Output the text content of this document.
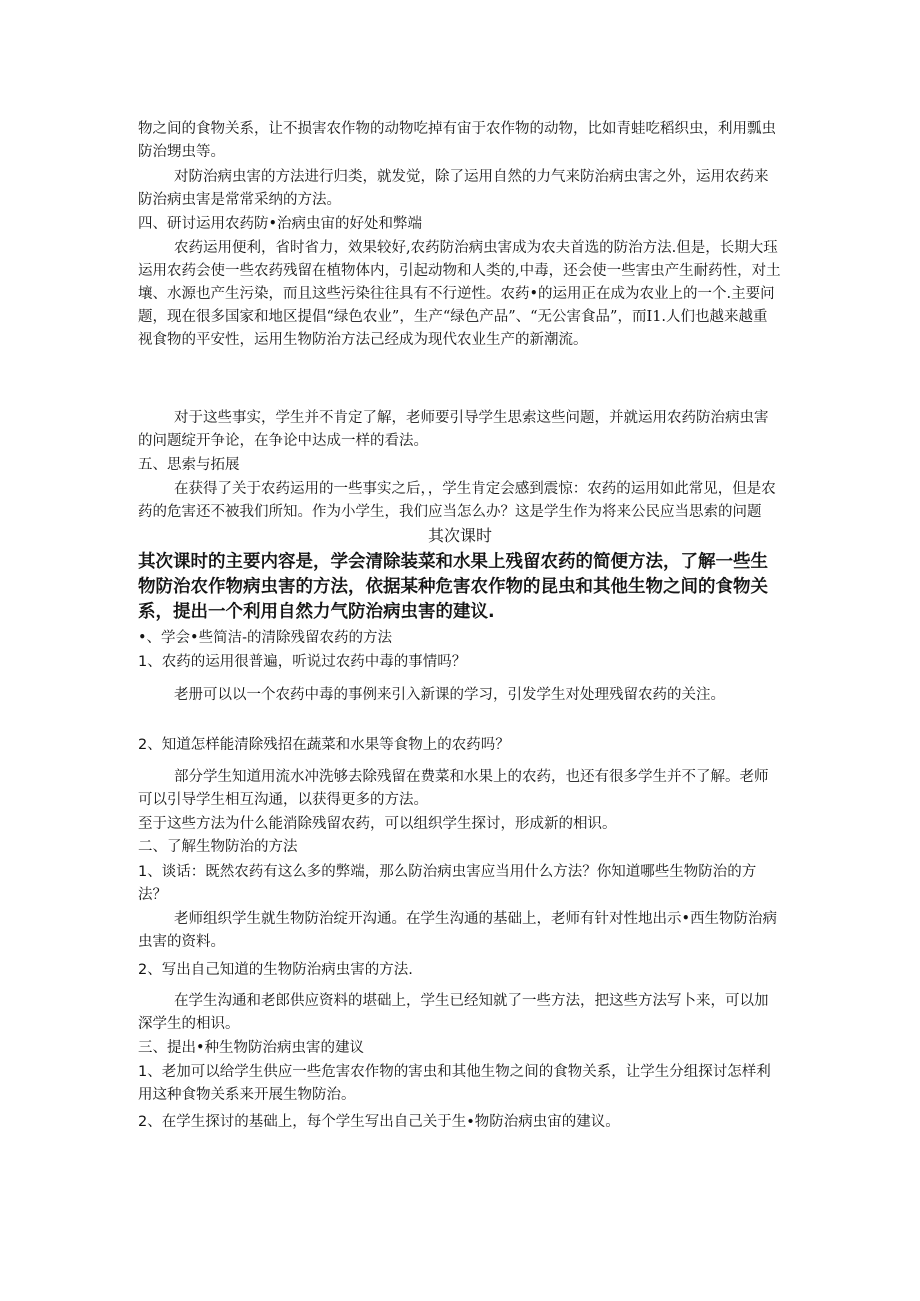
物之间的食物关系，让不损害农作物的动物吃掉有宙于农作物的动物，比如青蛙吃稻织虫，利用瓢虫防治甥虫等。

对防治病虫害的方法进行归类，就发觉，除了运用自然的力气来防治病虫害之外，运用农药来防治病虫害是常常采纳的方法。

四、研讨运用农药防•治病虫宙的好处和弊端

农药运用便利，省时省力，效果较好,农药防治病虫害成为农夫首选的防治方法.但是，长期大珏运用农药会使一些农药残留在植物体内，引起动物和人类的,中毒，还会使一些害虫产生耐药性，对土壤、水源也产生污染，而且这些污染往往具有不行逆性。农药•的运用正在成为农业上的一个.主要问题，现在很多国家和地区提倡“绿色农业”，生产“绿色产品”、“无公害食品”，而I1.人们也越来越重视食物的平安性，运用生物防治方法己经成为现代农业生产的新潮流。

对于这些事实，学生并不肯定了解，老师要引导学生思索这些问题，并就运用农药防治病虫害的问题绽开争论，在争论中达成一样的看法。

五、思索与拓展

在获得了关于农药运用的一些事实之后，，学生肯定会感到震惊：农药的运用如此常见，但是农药的危害还不被我们所知。作为小学生，我们应当怎么办？这是学生作为将来公民应当思索的问题

其次课时

其次课时的主要内容是，学会清除装菜和水果上残留农药的简便方法，了解一些生物防治农作物病虫害的方法，依据某种危害农作物的昆虫和其他生物之间的食物关系，提出一个利用自然力气防治病虫害的建议.

•、学会•些简洁-的清除残留农药的方法

1、农药的运用很普遍，听说过农药中毒的事情吗？

老册可以以一个农药中毒的事例来引入新课的学习，引发学生对处理残留农药的关注。

2、知道怎样能清除残招在蔬菜和水果等食物上的农药吗？

部分学生知道用流水冲洗够去除残留在费菜和水果上的农药，也还有很多学生并不了解。老师可以引导学生相互沟通，以获得更多的方法。

至于这些方法为什么能消除残留农药，可以组织学生探讨，形成新的相识。

二、了解生物防治的方法

1、谈话：既然农药有这么多的弊端，那么防治病虫害应当用什么方法？你知道哪些生物防治的方法？

老师组织学生就生物防治绽开沟通。在学生沟通的基础上，老师有针对性地出示•西生物防治病虫害的资料。

2、写出自己知道的生物防治病虫害的方法.

在学生沟通和老郎供应资料的堪础上，学生已经知就了一些方法，把这些方法写卜来，可以加深学生的相识。

三、提出•种生物防治病虫害的建议

1、老加可以给学生供应一些危害农作物的害虫和其他生物之间的食物关系，让学生分组探讨怎样利用这种食物关系来开展生物防治。

2、在学生探讨的基础上，每个学生写出自己关于生•物防治病虫宙的建议。
